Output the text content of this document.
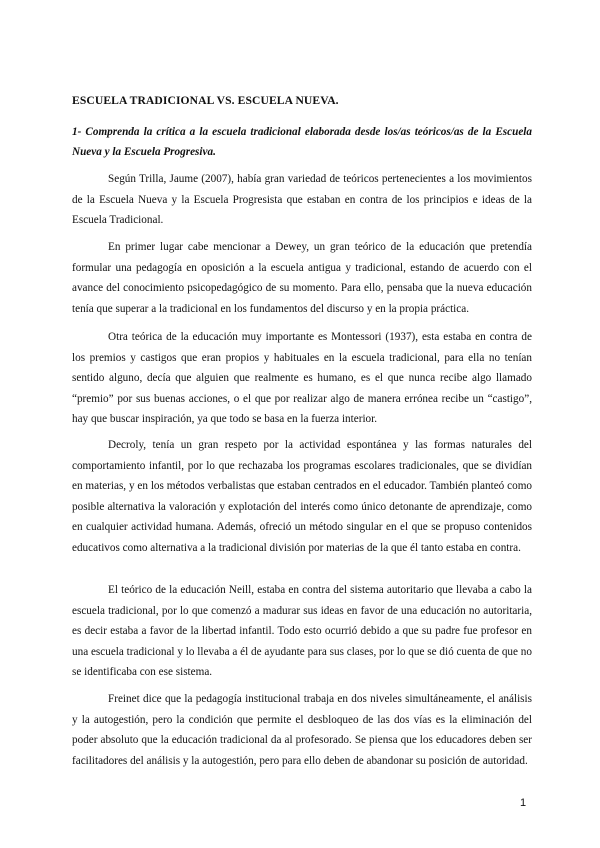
ESCUELA TRADICIONAL VS. ESCUELA NUEVA.
1- Comprenda la crítica a la escuela tradicional elaborada desde los/as teóricos/as de la Escuela Nueva y la Escuela Progresiva.

Según Trilla, Jaume (2007), había gran variedad de teóricos pertenecientes a los movimientos de la Escuela Nueva y la Escuela Progresista que estaban en contra de los principios e ideas de la Escuela Tradicional.

En primer lugar cabe mencionar a Dewey, un gran teórico de la educación que pretendía formular una pedagogía en oposición a la escuela antigua y tradicional, estando de acuerdo con el avance del conocimiento psicopedagógico de su momento. Para ello, pensaba que la nueva educación tenía que superar a la tradicional en los fundamentos del discurso y en la propia práctica.

Otra teórica de la educación muy importante es Montessori (1937), esta estaba en contra de los premios y castigos que eran propios y habituales en la escuela tradicional, para ella no tenían sentido alguno, decía que alguien que realmente es humano, es el que nunca recibe algo llamado “premio” por sus buenas acciones, o el que por realizar algo de manera errónea recibe un “castigo”, hay que buscar inspiración, ya que todo se basa en la fuerza interior.

Decroly, tenía un gran respeto por la actividad espontánea y las formas naturales del comportamiento infantil, por lo que rechazaba los programas escolares tradicionales, que se dividían en materias, y en los métodos verbalistas que estaban centrados en el educador. También planteó como posible alternativa la valoración y explotación del interés como único detonante de aprendizaje, como en cualquier actividad humana. Además, ofreció un método singular en el que se propuso contenidos educativos como alternativa a la tradicional división por materias de la que él tanto estaba en contra.

El teórico de la educación Neill, estaba en contra del sistema autoritario que llevaba a cabo la escuela tradicional, por lo que comenzó a madurar sus ideas en favor de una educación no autoritaria, es decir estaba a favor de la libertad infantil. Todo esto ocurrió debido a que su padre fue profesor en una escuela tradicional y lo llevaba a él de ayudante para sus clases, por lo que se dió cuenta de que no se identificaba con ese sistema.

Freinet dice que la pedagogía institucional trabaja en dos niveles simultáneamente, el análisis y la autogestión, pero la condición que permite el desbloqueo de las dos vías es la eliminación del poder absoluto que la educación tradicional da al profesorado. Se piensa que los educadores deben ser facilitadores del análisis y la autogestión, pero para ello deben de abandonar su posición de autoridad.

1
